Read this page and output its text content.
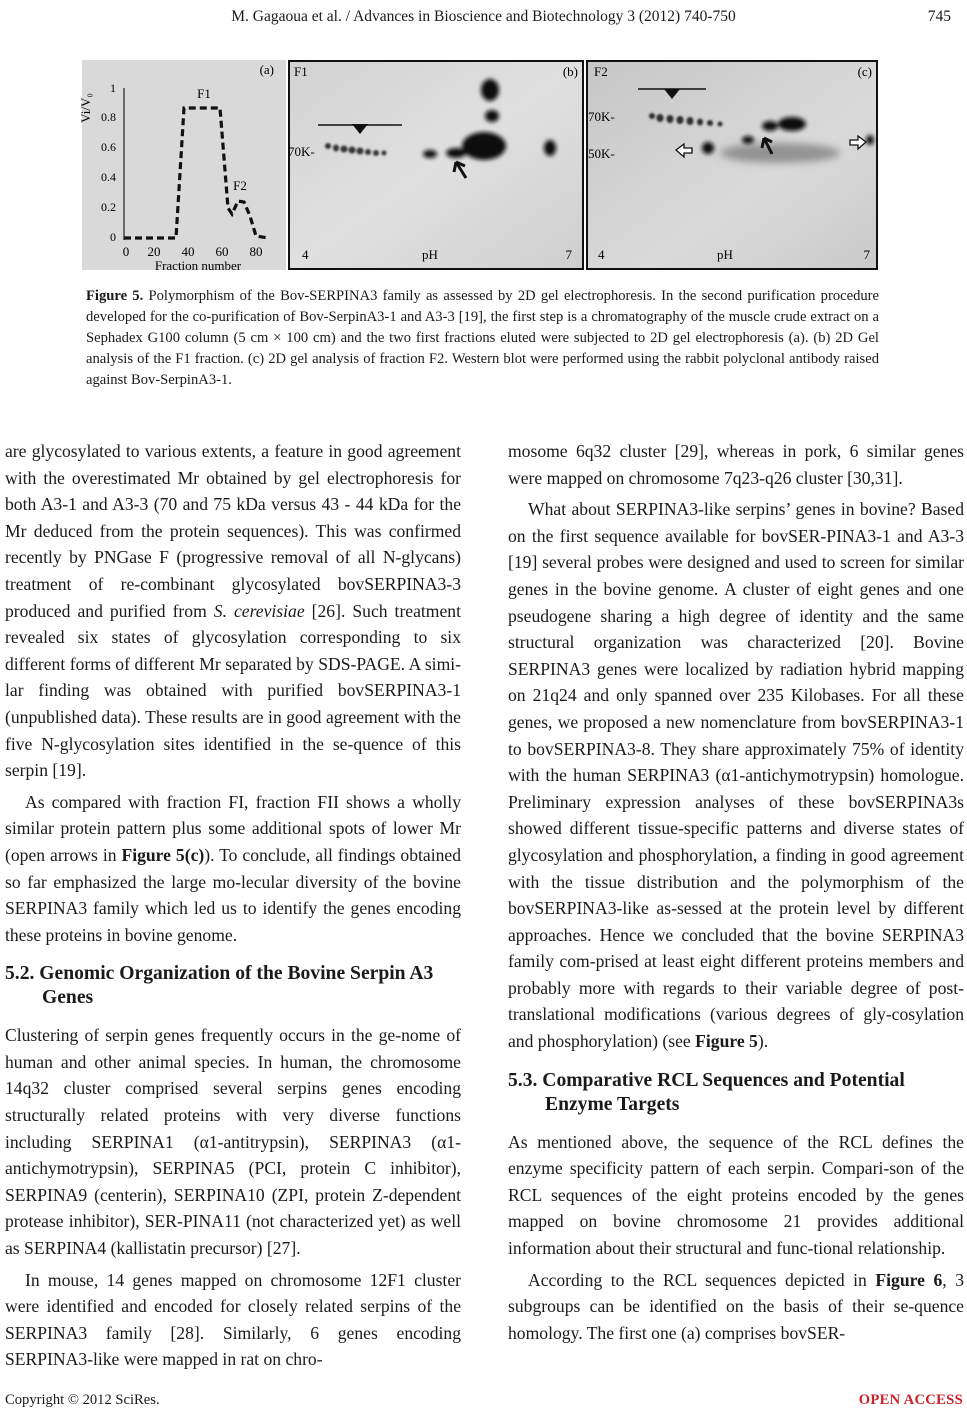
M. Gagaoua et al. / Advances in Bioscience and Biotechnology 3 (2012) 740-750	745
Vi/V₀
(a)
1
0.8
0.6
0.4
0.2
0
F1
F2
0 20 40 60 80
Fraction number
F1	(b)
70K-
4	pH	7
F2	(c)
70K-
50K-
4	pH	7
Figure 5. Polymorphism of the Bov-SERPINA3 family as assessed by 2D gel electrophoresis. In the second purification procedure developed for the co-purification of Bov-SerpinA3-1 and A3-3 [19], the first step is a chromatography of the muscle crude extract on a Sephadex G100 column (5 cm × 100 cm) and the two first fractions eluted were subjected to 2D gel electrophoresis (a). (b) 2D Gel analysis of the F1 fraction. (c) 2D gel analysis of fraction F2. Western blot were performed using the rabbit polyclonal antibody raised against Bov-SerpinA3-1.

are glycosylated to various extents, a feature in good agreement with the overestimated Mr obtained by gel electrophoresis for both A3-1 and A3-3 (70 and 75 kDa versus 43 - 44 kDa for the Mr deduced from the protein sequences). This was confirmed recently by PNGase F (progressive removal of all N-glycans) treatment of re-combinant glycosylated bovSERPINA3-3 produced and purified from S. cerevisiae [26]. Such treatment revealed six states of glycosylation corresponding to six different forms of different Mr separated by SDS-PAGE. A simi-lar finding was obtained with purified bovSERPINA3-1 (unpublished data). These results are in good agreement with the five N-glycosylation sites identified in the se-quence of this serpin [19].

As compared with fraction FI, fraction FII shows a wholly similar protein pattern plus some additional spots of lower Mr (open arrows in Figure 5(c)). To conclude, all findings obtained so far emphasized the large mo-lecular diversity of the bovine SERPINA3 family which led us to identify the genes encoding these proteins in bovine genome.

5.2. Genomic Organization of the Bovine Serpin A3 Genes

Clustering of serpin genes frequently occurs in the ge-nome of human and other animal species. In human, the chromosome 14q32 cluster comprised several serpins genes encoding structurally related proteins with very diverse functions including SERPINA1 (α1-antitrypsin), SERPINA3 (α1-antichymotrypsin), SERPINA5 (PCI, protein C inhibitor), SERPINA9 (centerin), SERPINA10 (ZPI, protein Z-dependent protease inhibitor), SER-PINA11 (not characterized yet) as well as SERPINA4 (kallistatin precursor) [27].

In mouse, 14 genes mapped on chromosome 12F1 cluster were identified and encoded for closely related serpins of the SERPINA3 family [28]. Similarly, 6 genes encoding SERPINA3-like were mapped in rat on chro-

mosome 6q32 cluster [29], whereas in pork, 6 similar genes were mapped on chromosome 7q23-q26 cluster [30,31].

What about SERPINA3-like serpins’ genes in bovine? Based on the first sequence available for bovSER-PINA3-1 and A3-3 [19] several probes were designed and used to screen for similar genes in the bovine genome. A cluster of eight genes and one pseudogene sharing a high degree of identity and the same structural organization was characterized [20]. Bovine SERPINA3 genes were localized by radiation hybrid mapping on 21q24 and only spanned over 235 Kilobases. For all these genes, we proposed a new nomenclature from bovSERPINA3-1 to bovSERPINA3-8. They share approximately 75% of identity with the human SERPINA3 (α1-antichymotrypsin) homologue. Preliminary expression analyses of these bovSERPINA3s showed different tissue-specific patterns and diverse states of glycosylation and phosphorylation, a finding in good agreement with the tissue distribution and the polymorphism of the bovSERPINA3-like as-sessed at the protein level by different approaches. Hence we concluded that the bovine SERPINA3 family com-prised at least eight different proteins members and probably more with regards to their variable degree of post-translational modifications (various degrees of gly-cosylation and phosphorylation) (see Figure 5).

5.3. Comparative RCL Sequences and Potential Enzyme Targets

As mentioned above, the sequence of the RCL defines the enzyme specificity pattern of each serpin. Compari-son of the RCL sequences of the eight proteins encoded by the genes mapped on bovine chromosome 21 provides additional information about their structural and func-tional relationship.

According to the RCL sequences depicted in Figure 6, 3 subgroups can be identified on the basis of their se-quence homology. The first one (a) comprises bovSER-

Copyright © 2012 SciRes.	OPEN ACCESS
